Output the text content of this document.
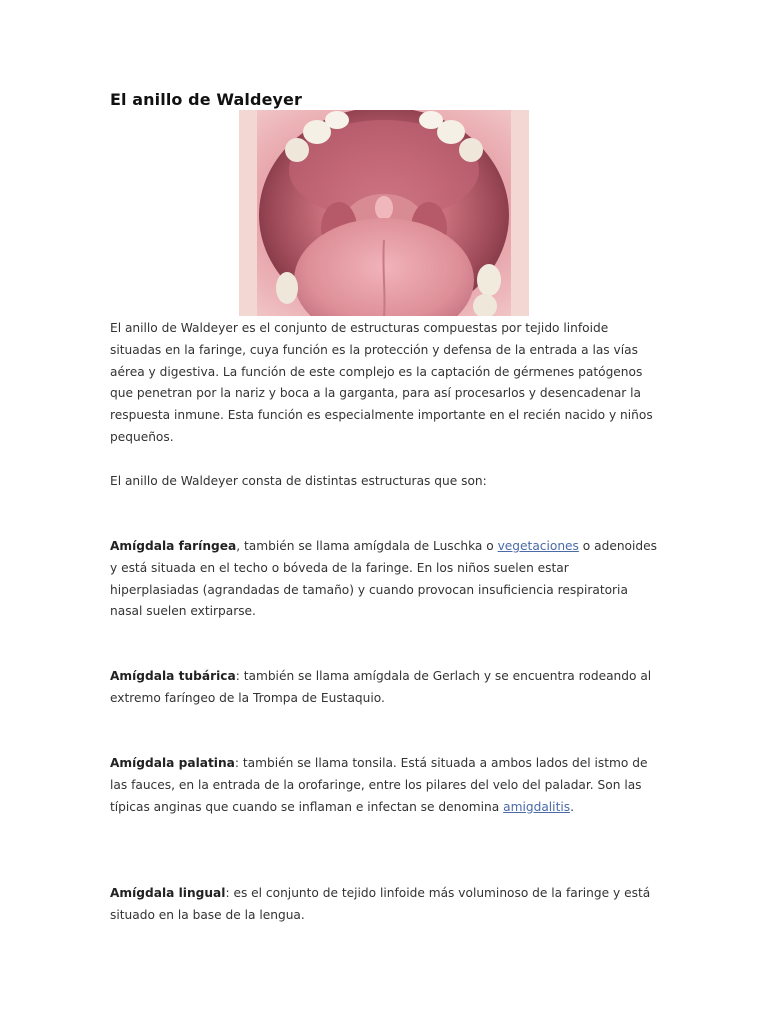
El anillo de Waldeyer

El anillo de Waldeyer es el conjunto de estructuras compuestas por tejido linfoide situadas en la faringe, cuya función es la protección y defensa de la entrada a las vías aérea y digestiva. La función de este complejo es la captación de gérmenes patógenos que penetran por la nariz y boca a la garganta, para así procesarlos y desencadenar la respuesta inmune. Esta función es especialmente importante en el recién nacido y niños pequeños.

El anillo de Waldeyer consta de distintas estructuras que son:

Amígdala faríngea, también se llama amígdala de Luschka o vegetaciones o adenoides y está situada en el techo o bóveda de la faringe. En los niños suelen estar hiperplasiadas (agrandadas de tamaño) y cuando provocan insuficiencia respiratoria nasal suelen extirparse.

Amígdala tubárica: también se llama amígdala de Gerlach y se encuentra rodeando al extremo faríngeo de la Trompa de Eustaquio.

Amígdala palatina: también se llama tonsila. Está situada a ambos lados del istmo de las fauces, en la entrada de la orofaringe, entre los pilares del velo del paladar. Son las típicas anginas que cuando se inflaman e infectan se denomina amigdalitis.

Amígdala lingual: es el conjunto de tejido linfoide más voluminoso de la faringe y está situado en la base de la lengua.
